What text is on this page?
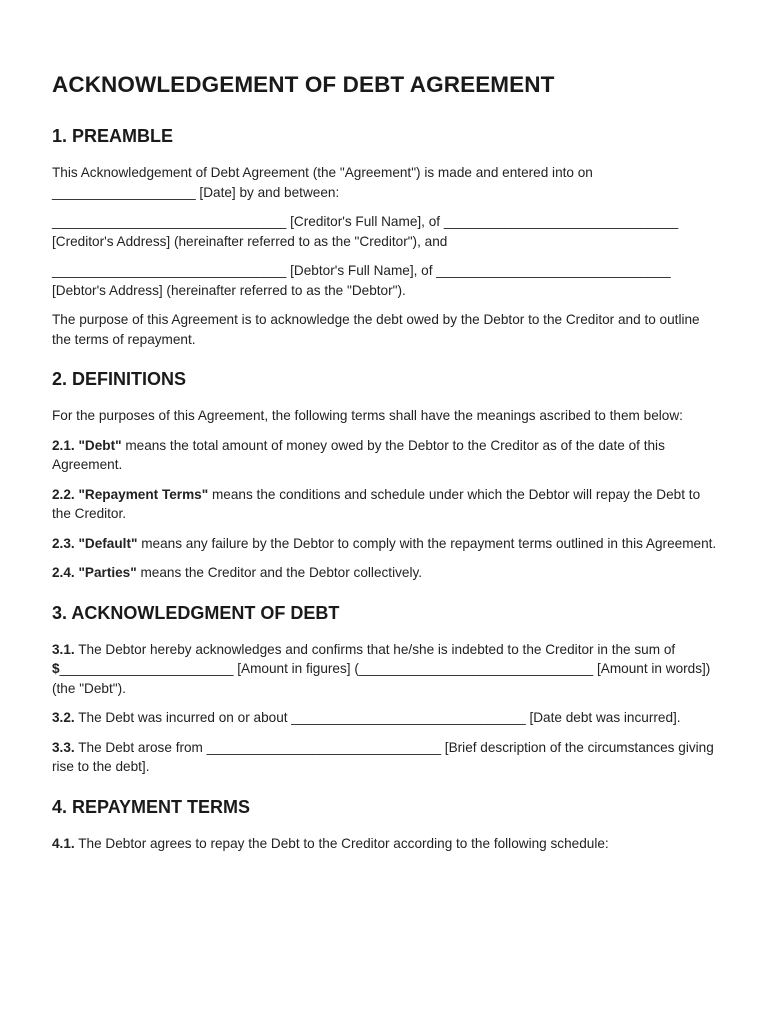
ACKNOWLEDGEMENT OF DEBT AGREEMENT
1. PREAMBLE

This Acknowledgement of Debt Agreement (the "Agreement") is made and entered into on ___________________ [Date] by and between:

_______________________________ [Creditor's Full Name], of _______________________________ [Creditor's Address] (hereinafter referred to as the "Creditor"), and

_______________________________ [Debtor's Full Name], of _______________________________ [Debtor's Address] (hereinafter referred to as the "Debtor").

The purpose of this Agreement is to acknowledge the debt owed by the Debtor to the Creditor and to outline the terms of repayment.

2. DEFINITIONS

For the purposes of this Agreement, the following terms shall have the meanings ascribed to them below:

2.1. "Debt" means the total amount of money owed by the Debtor to the Creditor as of the date of this Agreement.

2.2. "Repayment Terms" means the conditions and schedule under which the Debtor will repay the Debt to the Creditor.

2.3. "Default" means any failure by the Debtor to comply with the repayment terms outlined in this Agreement.

2.4. "Parties" means the Creditor and the Debtor collectively.

3. ACKNOWLEDGMENT OF DEBT

3.1. The Debtor hereby acknowledges and confirms that he/she is indebted to the Creditor in the sum of $_______________________ [Amount in figures] (_______________________________ [Amount in words]) (the "Debt").

3.2. The Debt was incurred on or about _______________________________ [Date debt was incurred].

3.3. The Debt arose from _______________________________ [Brief description of the circumstances giving rise to the debt].

4. REPAYMENT TERMS

4.1. The Debtor agrees to repay the Debt to the Creditor according to the following schedule:
